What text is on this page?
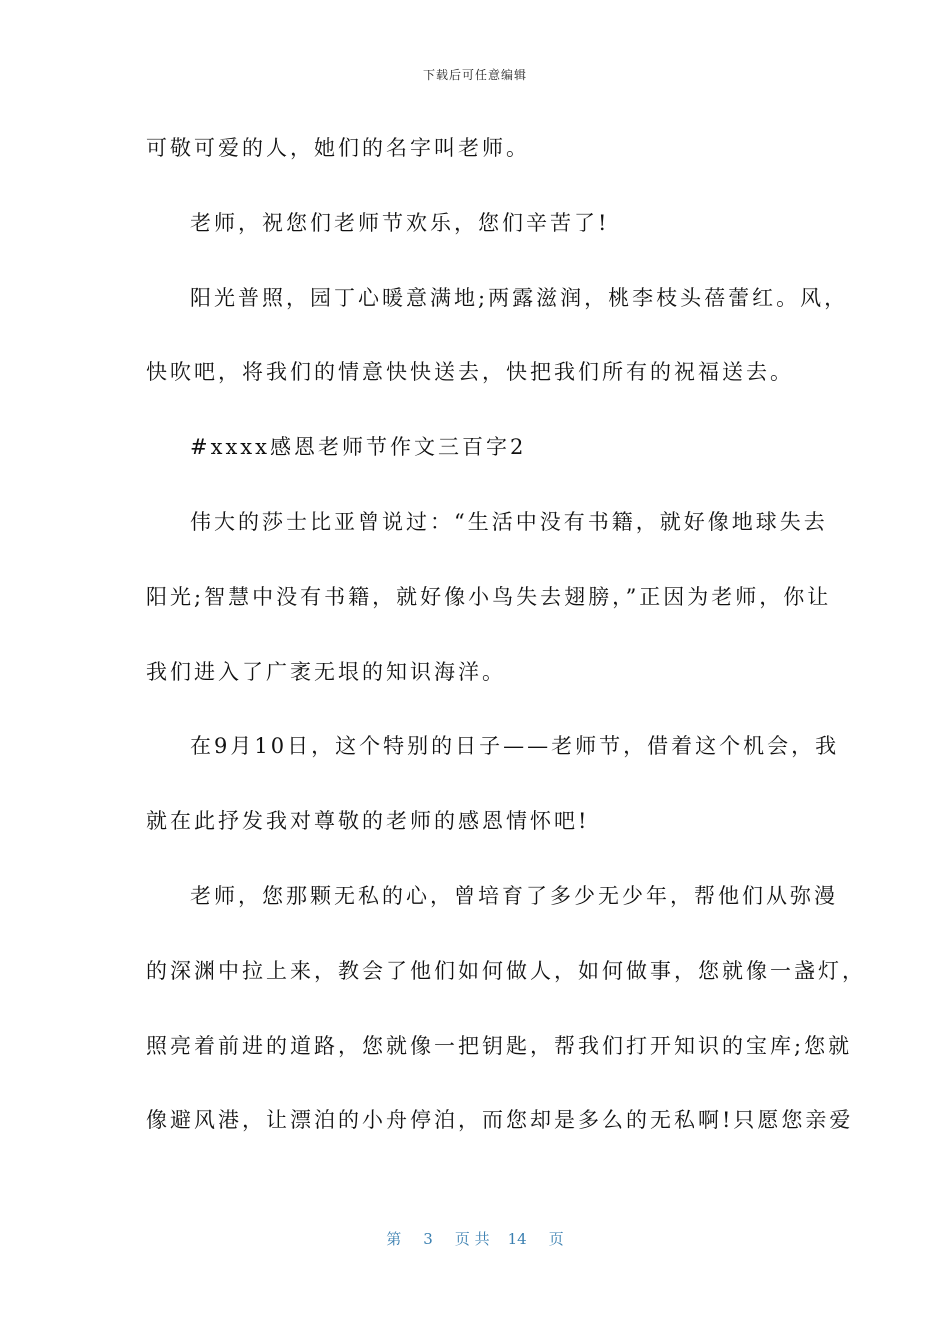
下载后可任意编辑
可敬可爱的人，她们的名字叫老师。
老师，祝您们老师节欢乐，您们辛苦了!
阳光普照，园丁心暖意满地;两露滋润，桃李枝头蓓蕾红。风，
快吹吧，将我们的情意快快送去，快把我们所有的祝福送去。
#xxxx感恩老师节作文三百字2
伟大的莎士比亚曾说过：“生活中没有书籍，就好像地球失去
阳光;智慧中没有书籍，就好像小鸟失去翅膀，”正因为老师，你让
我们进入了广袤无垠的知识海洋。
在9月10日，这个特别的日子——老师节，借着这个机会，我
就在此抒发我对尊敬的老师的感恩情怀吧!
老师，您那颗无私的心，曾培育了多少无少年，帮他们从弥漫
的深渊中拉上来，教会了他们如何做人，如何做事，您就像一盏灯，
照亮着前进的道路，您就像一把钥匙，帮我们打开知识的宝库;您就
像避风港，让漂泊的小舟停泊，而您却是多么的无私啊!只愿您亲爱
第 3 页 共 14 页
